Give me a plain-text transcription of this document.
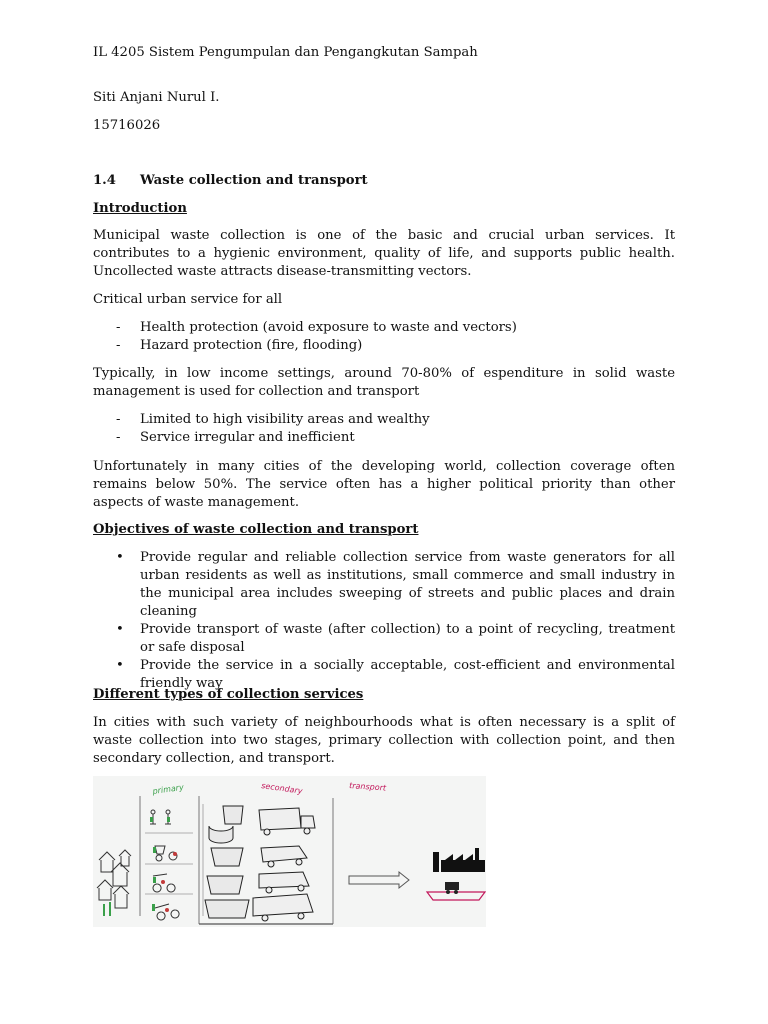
IL 4205 Sistem Pengumpulan dan Pengangkutan Sampah
Siti Anjani Nurul I.
15716026
1.4 Waste collection and transport
Introduction
Municipal waste collection is one of the basic and crucial urban services. It contributes to a hygienic environment, quality of life, and supports public health. Uncollected waste attracts disease-transmitting vectors.
Critical urban service for all
- Health protection (avoid exposure to waste and vectors)
- Hazard protection (fire, flooding)
Typically, in low income settings, around 70-80% of espenditure in solid waste management is used for collection and transport
- Limited to high visibility areas and wealthy
- Service irregular and inefficient
Unfortunately in many cities of the developing world, collection coverage often remains below 50%. The service often has a higher political priority than other aspects of waste management.
Objectives of waste collection and transport
• Provide regular and reliable collection service from waste generators for all urban residents as well as institutions, small commerce and small industry in the municipal area includes sweeping of streets and public places and drain cleaning
• Provide transport of waste (after collection) to a point of recycling, treatment or safe disposal
• Provide the service in a socially acceptable, cost-efficient and environmental friendly way
Different types of collection services
In cities with such variety of neighbourhoods what is often necessary is a split of waste collection into two stages, primary collection with collection point, and then secondary collection, and transport.
primary	secondary	transport
